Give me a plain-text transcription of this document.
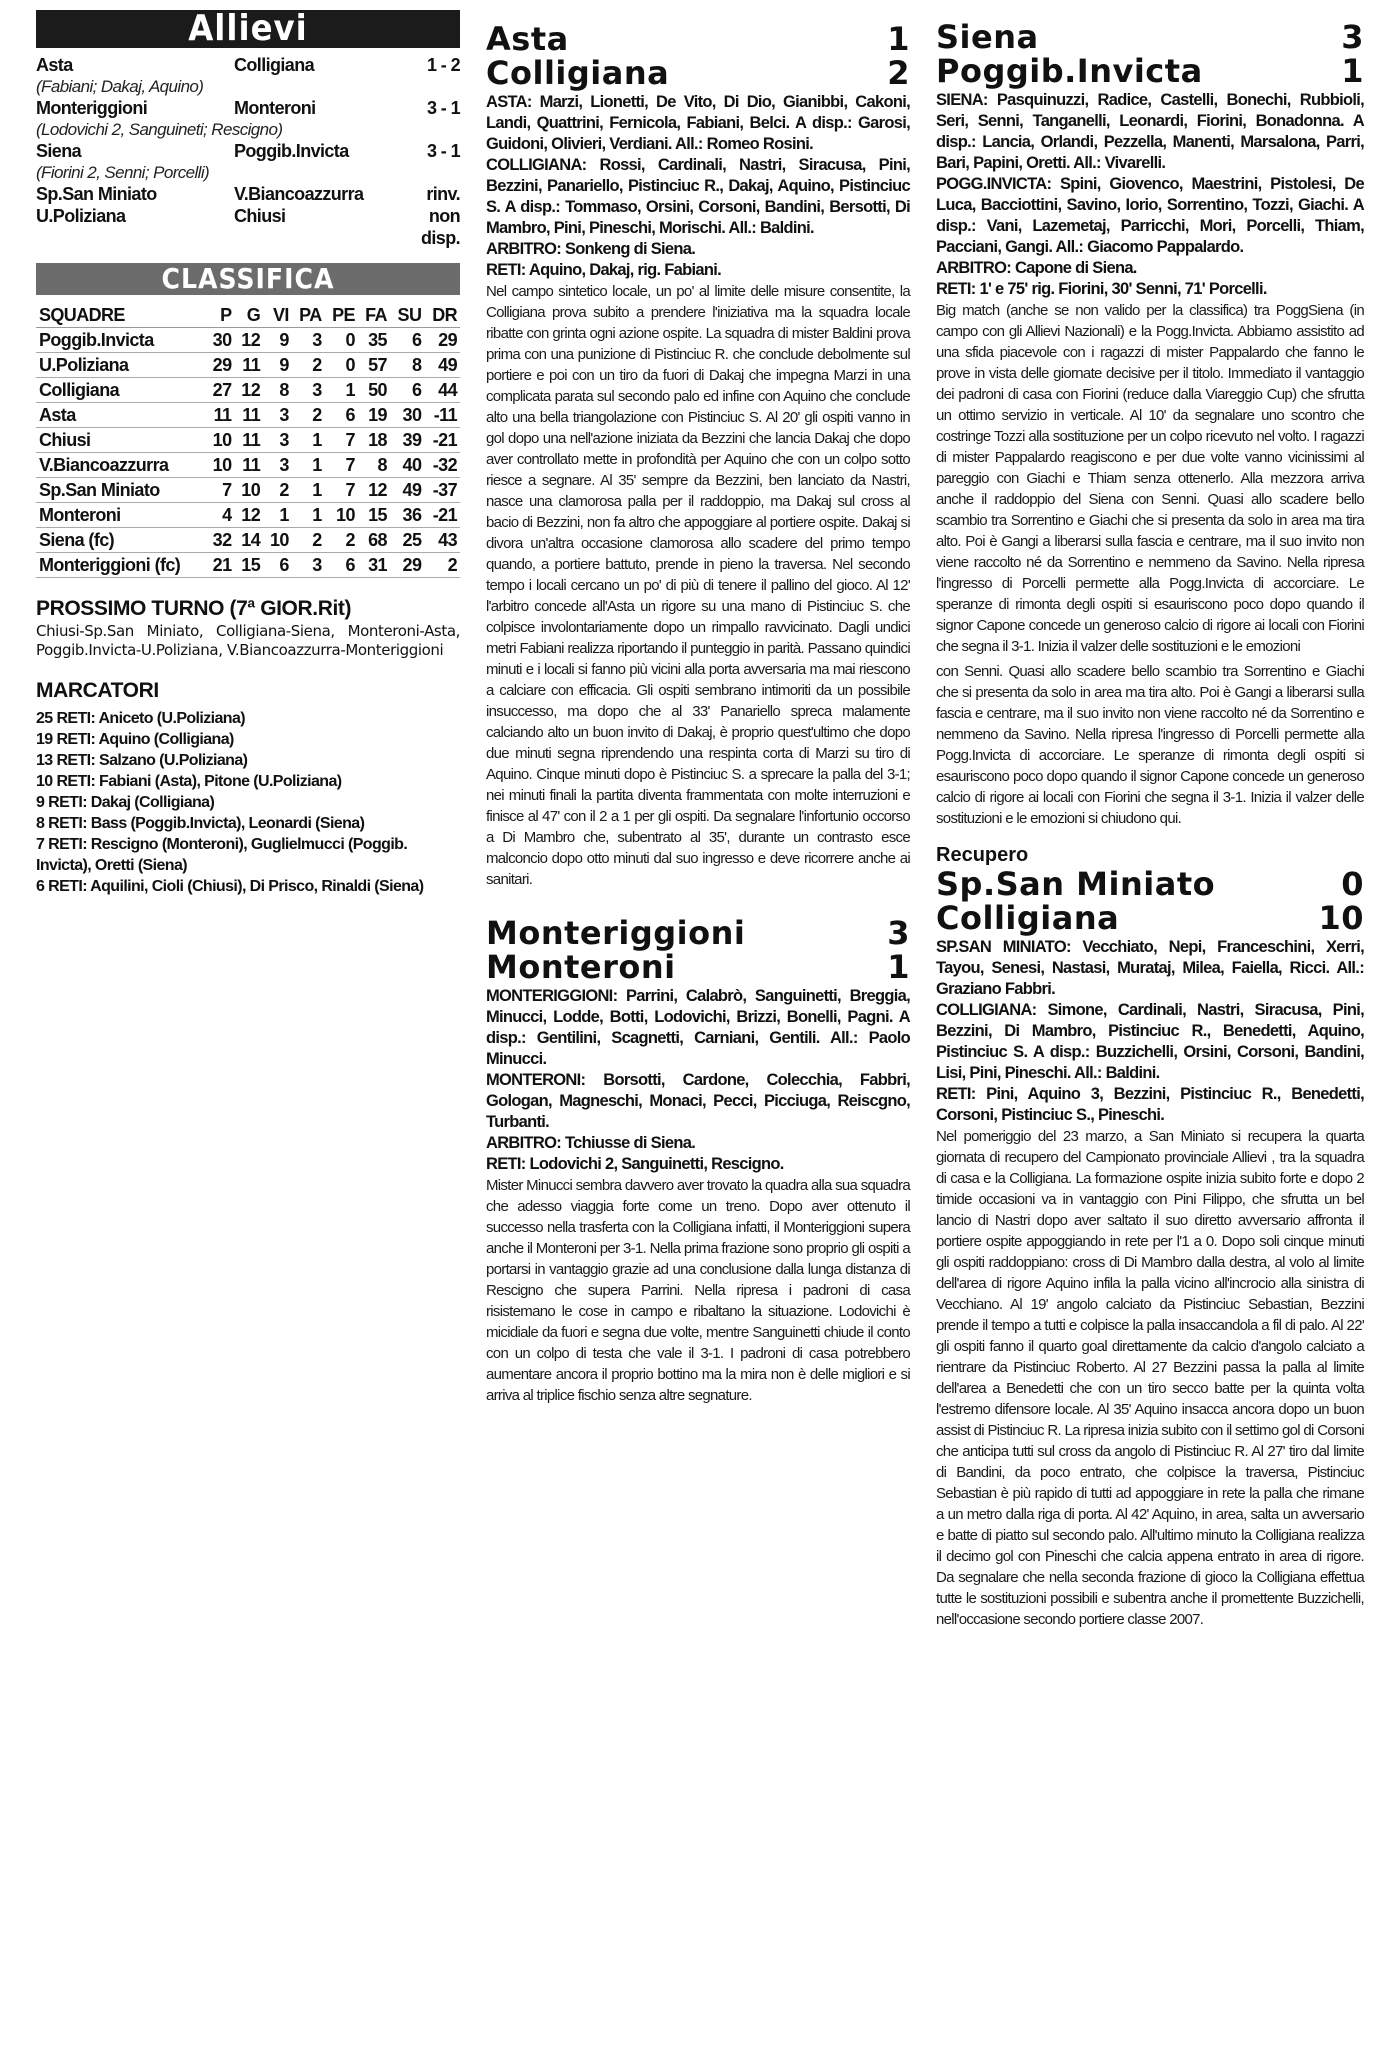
Allievi
Asta	Colligiana	1 - 2
(Fabiani; Dakaj, Aquino)
Monteriggioni	Monteroni	3 - 1
(Lodovichi 2, Sanguineti; Rescigno)
Siena	Poggib.Invicta	3 - 1
(Fiorini 2, Senni; Porcelli)
Sp.San Miniato	V.Biancoazzurra	rinv.
U.Poliziana	Chiusi	non disp.
CLASSIFICA
SQUADRE	P	G	VI	PA	PE	FA	SU	DR
Poggib.Invicta	30	12	9	3	0	35	6	29
U.Poliziana	29	11	9	2	0	57	8	49
Colligiana	27	12	8	3	1	50	6	44
Asta	11	11	3	2	6	19	30	-11
Chiusi	10	11	3	1	7	18	39	-21
V.Biancoazzurra	10	11	3	1	7	8	40	-32
Sp.San Miniato	7	10	2	1	7	12	49	-37
Monteroni	4	12	1	1	10	15	36	-21
Siena (fc)	32	14	10	2	2	68	25	43
Monteriggioni (fc)	21	15	6	3	6	31	29	2
PROSSIMO TURNO (7ª GIOR.Rit)
Chiusi-Sp.San Miniato, Colligiana-Siena, Monteroni-Asta, Poggib.Invicta-U.Poliziana, V.Biancoazzurra-Monteriggioni
MARCATORI
25 RETI: Aniceto (U.Poliziana)
19 RETI: Aquino (Colligiana)
13 RETI: Salzano (U.Poliziana)
10 RETI: Fabiani (Asta), Pitone (U.Poliziana)
9 RETI: Dakaj (Colligiana)
8 RETI: Bass (Poggib.Invicta), Leonardi (Siena)
7 RETI: Rescigno (Monteroni), Guglielmucci (Poggib. Invicta), Oretti (Siena)
6 RETI: Aquilini, Cioli (Chiusi), Di Prisco, Rinaldi (Siena)
Asta	1
Colligiana	2
ASTA: Marzi, Lionetti, De Vito, Di Dio, Gianibbi, Cakoni, Landi, Quattrini, Fernicola, Fabiani, Belci. A disp.: Garosi, Guidoni, Olivieri, Verdiani. All.: Romeo Rosini.
COLLIGIANA: Rossi, Cardinali, Nastri, Siracusa, Pini, Bezzini, Panariello, Pistinciuc R., Dakaj, Aquino, Pistinciuc S. A disp.: Tommaso, Orsini, Corsoni, Bandini, Bersotti, Di Mambro, Pini, Pineschi, Morischi. All.: Baldini.
ARBITRO: Sonkeng di Siena.
RETI: Aquino, Dakaj, rig. Fabiani.
Nel campo sintetico locale, un po' al limite delle misure consentite, la Colligiana prova subito a prendere l'iniziativa ma la squadra locale ribatte con grinta ogni azione ospite. La squadra di mister Baldini prova prima con una punizione di Pistinciuc R. che conclude debolmente sul portiere e poi con un tiro da fuori di Dakaj che impegna Marzi in una complicata parata sul secondo palo ed infine con Aquino che conclude alto una bella triangolazione con Pistinciuc S. Al 20' gli ospiti vanno in gol dopo una nell'azione iniziata da Bezzini che lancia Dakaj che dopo aver controllato mette in profondità per Aquino che con un colpo sotto riesce a segnare. Al 35' sempre da Bezzini, ben lanciato da Nastri, nasce una clamorosa palla per il raddoppio, ma Dakaj sul cross al bacio di Bezzini, non fa altro che appoggiare al portiere ospite. Dakaj si divora un'altra occasione clamorosa allo scadere del primo tempo quando, a portiere battuto, prende in pieno la traversa. Nel secondo tempo i locali cercano un po' di più di tenere il pallino del gioco. Al 12' l'arbitro concede all'Asta un rigore su una mano di Pistinciuc S. che colpisce involontariamente dopo un rimpallo ravvicinato. Dagli undici metri Fabiani realizza riportando il punteggio in parità. Passano quindici minuti e i locali si fanno più vicini alla porta avversaria ma mai riescono a calciare con efficacia. Gli ospiti sembrano intimoriti da un possibile insuccesso, ma dopo che al 33' Panariello spreca malamente calciando alto un buon invito di Dakaj, è proprio quest'ultimo che dopo due minuti segna riprendendo una respinta corta di Marzi su tiro di Aquino. Cinque minuti dopo è Pistinciuc S. a sprecare la palla del 3-1; nei minuti finali la partita diventa frammentata con molte interruzioni e finisce al 47' con il 2 a 1 per gli ospiti. Da segnalare l'infortunio occorso a Di Mambro che, subentrato al 35', durante un contrasto esce malconcio dopo otto minuti dal suo ingresso e deve ricorrere anche ai sanitari.
Monteriggioni	3
Monteroni	1
MONTERIGGIONI: Parrini, Calabrò, Sanguinetti, Breggia, Minucci, Lodde, Botti, Lodovichi, Brizzi, Bonelli, Pagni. A disp.: Gentilini, Scagnetti, Carniani, Gentili. All.: Paolo Minucci.
MONTERONI: Borsotti, Cardone, Colecchia, Fabbri, Gologan, Magneschi, Monaci, Pecci, Picciuga, Reiscgno, Turbanti.
ARBITRO: Tchiusse di Siena.
RETI: Lodovichi 2, Sanguinetti, Rescigno.
Mister Minucci sembra davvero aver trovato la quadra alla sua squadra che adesso viaggia forte come un treno. Dopo aver ottenuto il successo nella trasferta con la Colligiana infatti, il Monteriggioni supera anche il Monteroni per 3-1. Nella prima frazione sono proprio gli ospiti a portarsi in vantaggio grazie ad una conclusione dalla lunga distanza di Rescigno che supera Parrini. Nella ripresa i padroni di casa risistemano le cose in campo e ribaltano la situazione. Lodovichi è micidiale da fuori e segna due volte, mentre Sanguinetti chiude il conto con un colpo di testa che vale il 3-1. I padroni di casa potrebbero aumentare ancora il proprio bottino ma la mira non è delle migliori e si arriva al triplice fischio senza altre segnature.
Siena	3
Poggib.Invicta	1
SIENA: Pasquinuzzi, Radice, Castelli, Bonechi, Rubbioli, Seri, Senni, Tanganelli, Leonardi, Fiorini, Bonadonna. A disp.: Lancia, Orlandi, Pezzella, Manenti, Marsalona, Parri, Bari, Papini, Oretti. All.: Vivarelli.
POGG.INVICTA: Spini, Giovenco, Maestrini, Pistolesi, De Luca, Bacciottini, Savino, Iorio, Sorrentino, Tozzi, Giachi. A disp.: Vani, Lazemetaj, Parricchi, Mori, Porcelli, Thiam, Pacciani, Gangi. All.: Giacomo Pappalardo.
ARBITRO: Capone di Siena.
RETI: 1' e 75' rig. Fiorini, 30' Senni, 71' Porcelli.
Big match (anche se non valido per la classifica) tra PoggSiena (in campo con gli Allievi Nazionali) e la Pogg.Invicta. Abbiamo assistito ad una sfida piacevole con i ragazzi di mister Pappalardo che fanno le prove in vista delle giornate decisive per il titolo. Immediato il vantaggio dei padroni di casa con Fiorini (reduce dalla Viareggio Cup) che sfrutta un ottimo servizio in verticale. Al 10' da segnalare uno scontro che costringe Tozzi alla sostituzione per un colpo ricevuto nel volto. I ragazzi di mister Pappalardo reagiscono e per due volte vanno vicinissimi al pareggio con Giachi e Thiam senza ottenerlo. Alla mezzora arriva anche il raddoppio del Siena con Senni. Quasi allo scadere bello scambio tra Sorrentino e Giachi che si presenta da solo in area ma tira alto. Poi è Gangi a liberarsi sulla fascia e centrare, ma il suo invito non viene raccolto né da Sorrentino e nemmeno da Savino. Nella ripresa l'ingresso di Porcelli permette alla Pogg.Invicta di accorciare. Le speranze di rimonta degli ospiti si esauriscono poco dopo quando il signor Capone concede un generoso calcio di rigore ai locali con Fiorini che segna il 3-1. Inizia il valzer delle sostituzioni e le emozioni
con Senni. Quasi allo scadere bello scambio tra Sorrentino e Giachi che si presenta da solo in area ma tira alto. Poi è Gangi a liberarsi sulla fascia e centrare, ma il suo invito non viene raccolto né da Sorrentino e nemmeno da Savino. Nella ripresa l'ingresso di Porcelli permette alla Pogg.Invicta di accorciare. Le speranze di rimonta degli ospiti si esauriscono poco dopo quando il signor Capone concede un generoso calcio di rigore ai locali con Fiorini che segna il 3-1. Inizia il valzer delle sostituzioni e le emozioni si chiudono qui.
Recupero
Sp.San Miniato	0
Colligiana	10
SP.SAN MINIATO: Vecchiato, Nepi, Franceschini, Xerri, Tayou, Senesi, Nastasi, Murataj, Milea, Faiella, Ricci. All.: Graziano Fabbri.
COLLIGIANA: Simone, Cardinali, Nastri, Siracusa, Pini, Bezzini, Di Mambro, Pistinciuc R., Benedetti, Aquino, Pistinciuc S. A disp.: Buzzichelli, Orsini, Corsoni, Bandini, Lisi, Pini, Pineschi. All.: Baldini.
RETI: Pini, Aquino 3, Bezzini, Pistinciuc R., Benedetti, Corsoni, Pistinciuc S., Pineschi.
Nel pomeriggio del 23 marzo, a San Miniato si recupera la quarta giornata di recupero del Campionato provinciale Allievi , tra la squadra di casa e la Colligiana. La formazione ospite inizia subito forte e dopo 2 timide occasioni va in vantaggio con Pini Filippo, che sfrutta un bel lancio di Nastri dopo aver saltato il suo diretto avversario affronta il portiere ospite appoggiando in rete per l'1 a 0. Dopo soli cinque minuti gli ospiti raddoppiano: cross di Di Mambro dalla destra, al volo al limite dell'area di rigore Aquino infila la palla vicino all'incrocio alla sinistra di Vecchiano. Al 19' angolo calciato da Pistinciuc Sebastian, Bezzini prende il tempo a tutti e colpisce la palla insaccandola a fil di palo. Al 22' gli ospiti fanno il quarto goal direttamente da calcio d'angolo calciato a rientrare da Pistinciuc Roberto. Al 27 Bezzini passa la palla al limite dell'area a Benedetti che con un tiro secco batte per la quinta volta l'estremo difensore locale. Al 35' Aquino insacca ancora dopo un buon assist di Pistinciuc R. La ripresa inizia subito con il settimo gol di Corsoni che anticipa tutti sul cross da angolo di Pistinciuc R. Al 27' tiro dal limite di Bandini, da poco entrato, che colpisce la traversa, Pistinciuc Sebastian è più rapido di tutti ad appoggiare in rete la palla che rimane a un metro dalla riga di porta. Al 42' Aquino, in area, salta un avversario e batte di piatto sul secondo palo. All'ultimo minuto la Colligiana realizza il decimo gol con Pineschi che calcia appena entrato in area di rigore. Da segnalare che nella seconda frazione di gioco la Colligiana effettua tutte le sostituzioni possibili e subentra anche il promettente Buzzichelli, nell'occasione secondo portiere classe 2007.
